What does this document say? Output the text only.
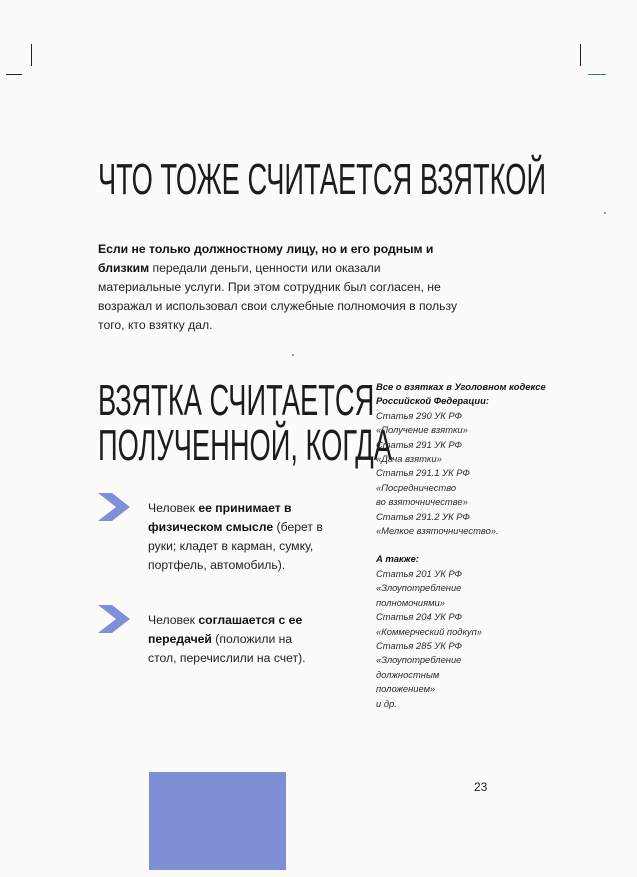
ЧТО ТОЖЕ СЧИТАЕТСЯ ВЗЯТКОЙ
Если не только должностному лицу, но и его родным и близким передали деньги, ценности или оказали материальные услуги. При этом сотрудник был согласен, не возражал и использовал свои служебные полномочия в пользу того, кто взятку дал.
ВЗЯТКА СЧИТАЕТСЯ
ПОЛУЧЕННОЙ, КОГДА
Человек ее принимает в физическом смысле (берет в руки; кладет в карман, сумку, портфель, автомобиль).
Человек соглашается с ее передачей (положили на стол, перечислили на счет).

Все о взятках в Уголовном кодексе Российской Федерации:

Статья 290 УК РФ

«Получение взятки»

Статья 291 УК РФ

«Дача взятки»

Статья 291.1 УК РФ

«Посредничество

во взяточничестве»

Статья 291.2 УК РФ

«Мелкое взяточничество».

А также:

Статья 201 УК РФ

«Злоупотребление

полномочиями»

Статья 204 УК РФ

«Коммерческий подкуп»

Статья 285 УК РФ

«Злоупотребление

должностным

положением»

и др.

23
